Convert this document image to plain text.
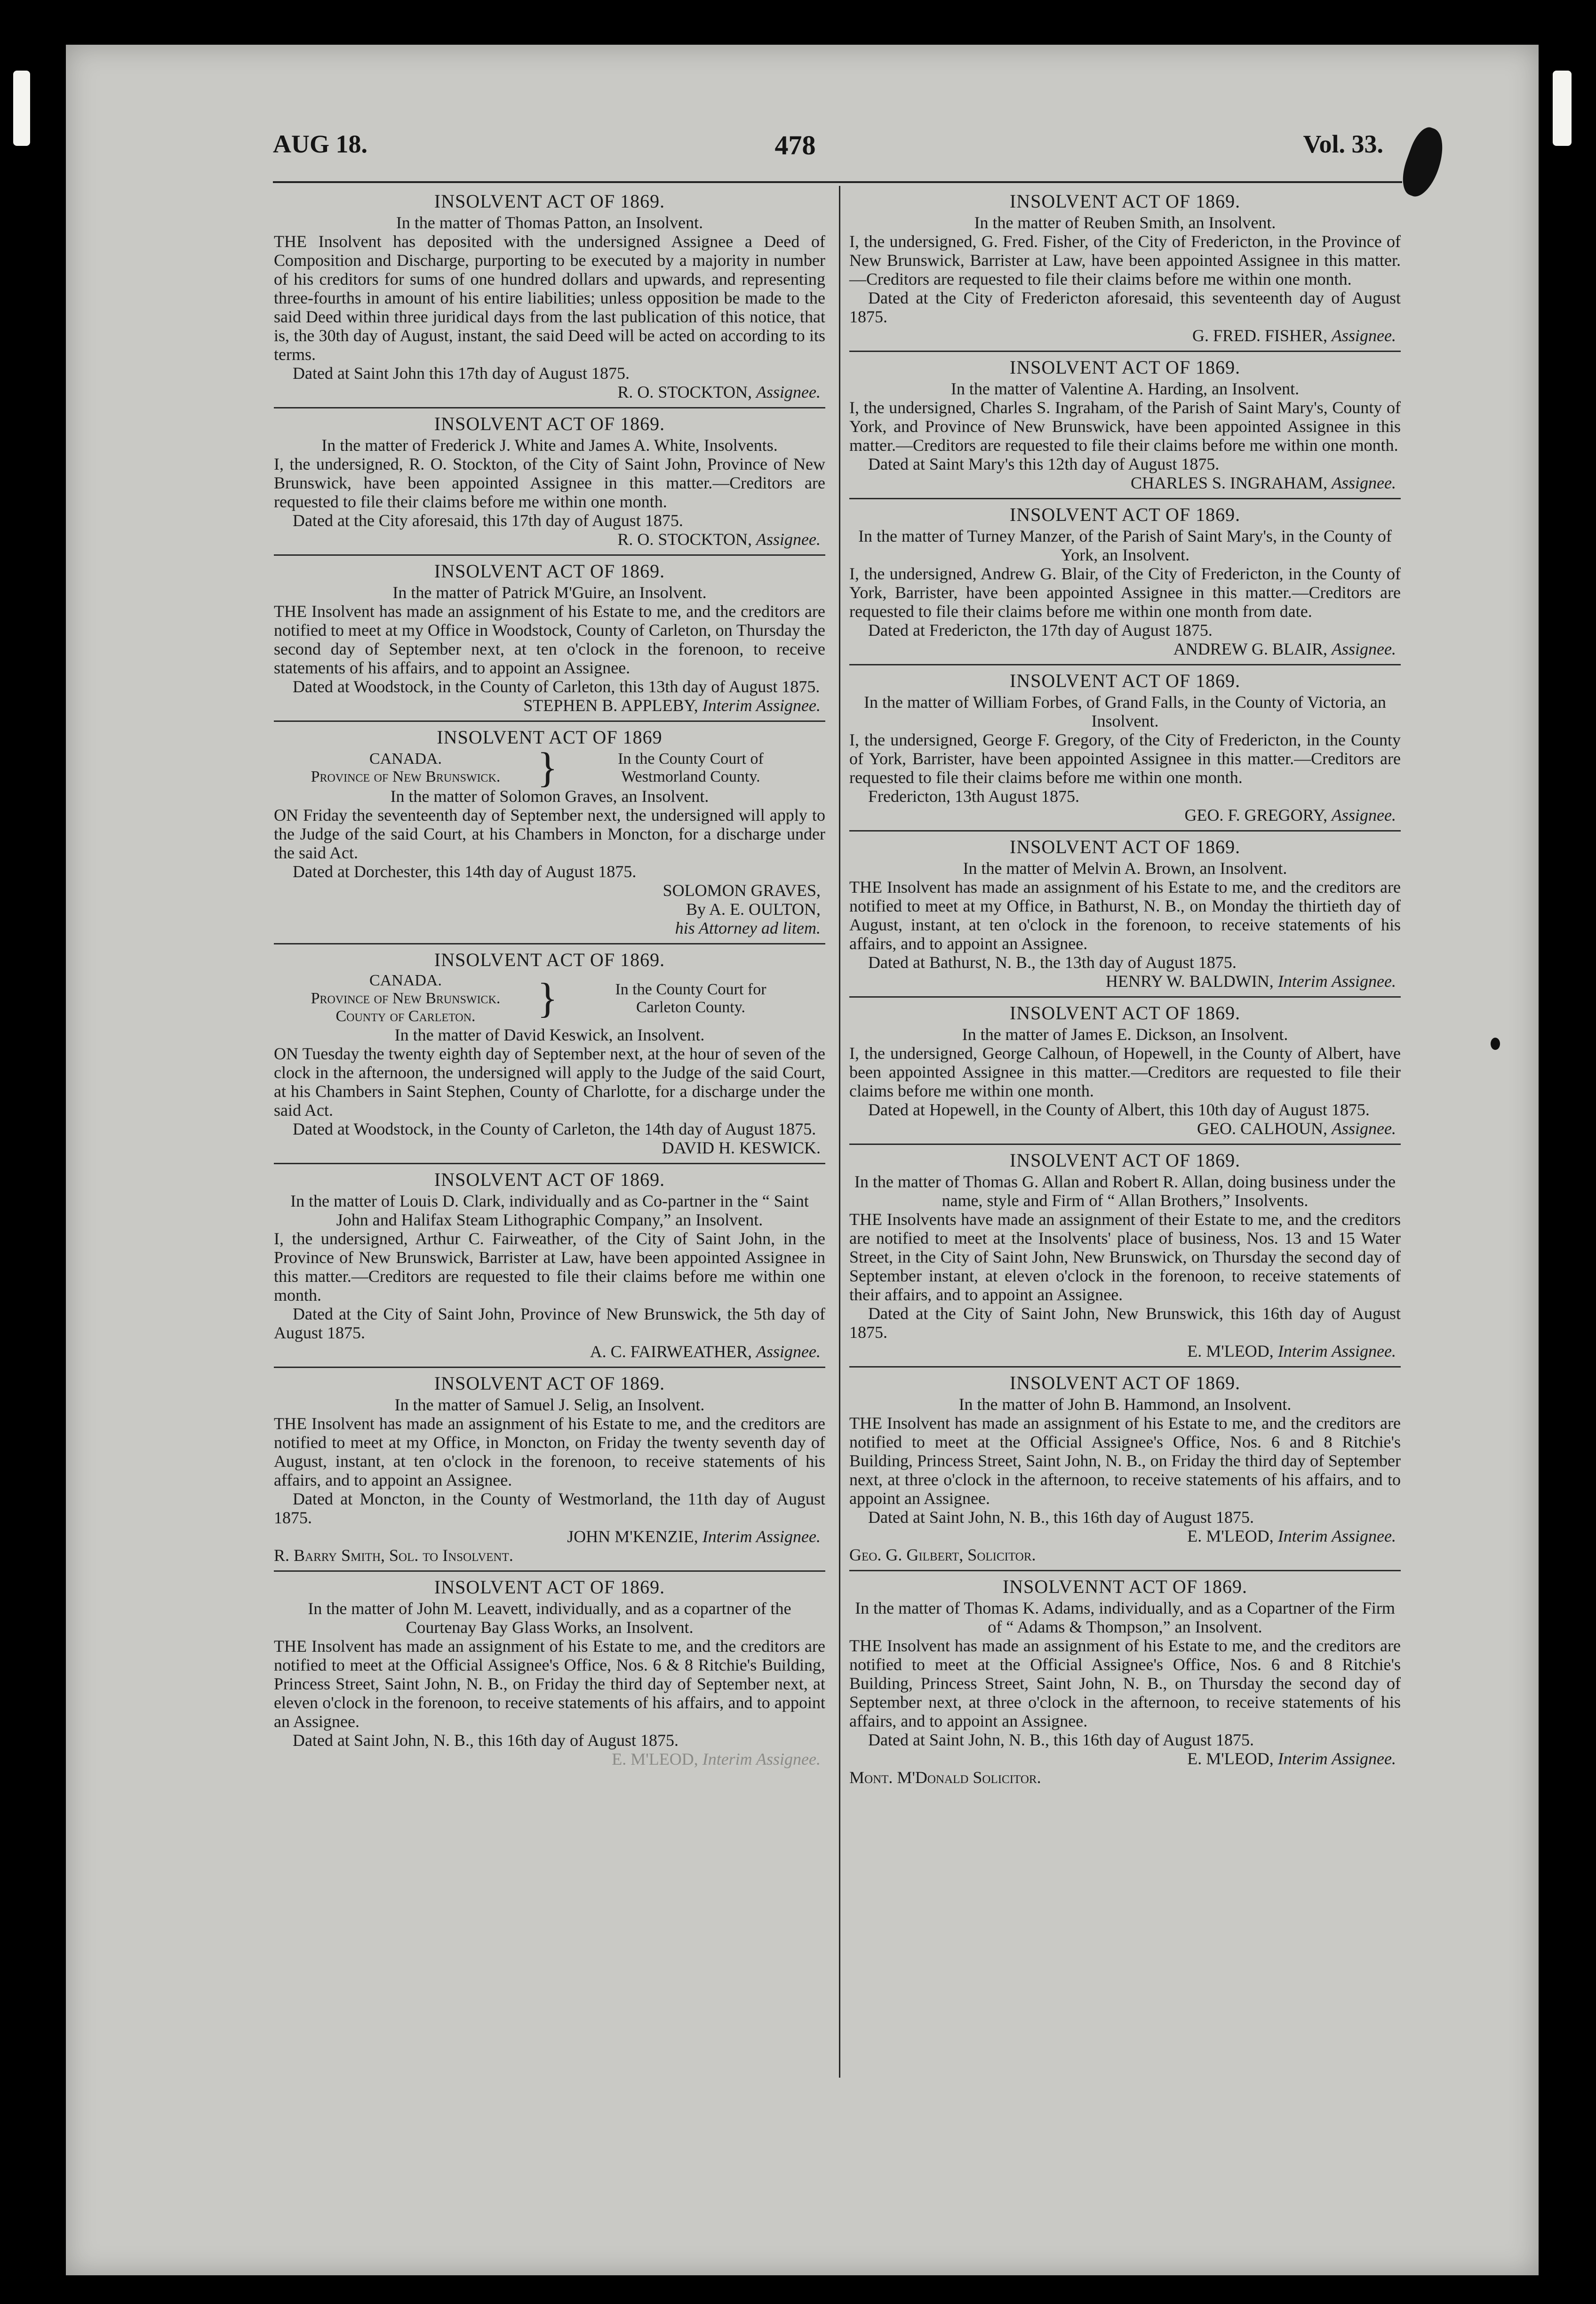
AUG 18.	478	Vol. 33.
INSOLVENT ACT OF 1869.
In the matter of Thomas Patton, an Insolvent.

THE Insolvent has deposited with the undersigned Assignee a Deed of Composition and Discharge, purporting to be executed by a majority in number of his creditors for sums of one hundred dollars and upwards, and representing three-fourths in amount of his entire liabilities; unless opposition be made to the said Deed within three juridical days from the last publication of this notice, that is, the 30th day of August, instant, the said Deed will be acted on according to its terms.

Dated at Saint John this 17th day of August 1875.

R. O. STOCKTON, Assignee.
INSOLVENT ACT OF 1869.
In the matter of Frederick J. White and James A. White, Insolvents.

I, the undersigned, R. O. Stockton, of the City of Saint John, Province of New Brunswick, have been appointed Assignee in this matter.—Creditors are requested to file their claims before me within one month.

Dated at the City aforesaid, this 17th day of August 1875.

R. O. STOCKTON, Assignee.
INSOLVENT ACT OF 1869.
In the matter of Patrick M'Guire, an Insolvent.

THE Insolvent has made an assignment of his Estate to me, and the creditors are notified to meet at my Office in Woodstock, County of Carleton, on Thursday the second day of September next, at ten o'clock in the forenoon, to receive statements of his affairs, and to appoint an Assignee.

Dated at Woodstock, in the County of Carleton, this 13th day of August 1875.

STEPHEN B. APPLEBY, Interim Assignee.
INSOLVENT ACT OF 1869
CANADA.
Province of New Brunswick. }	In the County Court of
Westmorland County.
In the matter of Solomon Graves, an Insolvent.

ON Friday the seventeenth day of September next, the undersigned will apply to the Judge of the said Court, at his Chambers in Moncton, for a discharge under the said Act.

Dated at Dorchester, this 14th day of August 1875.

SOLOMON GRAVES,
By A. E. OULTON,
his Attorney ad litem.
INSOLVENT ACT OF 1869.
CANADA.
Province of New Brunswick.
County of Carleton.	}	In the County Court for
Carleton County.
In the matter of David Keswick, an Insolvent.

ON Tuesday the twenty eighth day of September next, at the hour of seven of the clock in the afternoon, the undersigned will apply to the Judge of the said Court, at his Chambers in Saint Stephen, County of Charlotte, for a discharge under the said Act.

Dated at Woodstock, in the County of Carleton, the 14th day of August 1875.

DAVID H. KESWICK.
INSOLVENT ACT OF 1869.
In the matter of Louis D. Clark, individually and as Co-partner in the “ Saint John and Halifax Steam Lithographic Company,” an Insolvent.

I, the undersigned, Arthur C. Fairweather, of the City of Saint John, in the Province of New Brunswick, Barrister at Law, have been appointed Assignee in this matter.—Creditors are requested to file their claims before me within one month.

Dated at the City of Saint John, Province of New Brunswick, the 5th day of August 1875.

A. C. FAIRWEATHER, Assignee.
INSOLVENT ACT OF 1869.
In the matter of Samuel J. Selig, an Insolvent.

THE Insolvent has made an assignment of his Estate to me, and the creditors are notified to meet at my Office, in Moncton, on Friday the twenty seventh day of August, instant, at ten o'clock in the forenoon, to receive statements of his affairs, and to appoint an Assignee.

Dated at Moncton, in the County of Westmorland, the 11th day of August 1875.

JOHN M'KENZIE, Interim Assignee.
R. Barry Smith, Sol. to Insolvent.
INSOLVENT ACT OF 1869.
In the matter of John M. Leavett, individually, and as a copartner of the Courtenay Bay Glass Works, an Insolvent.

THE Insolvent has made an assignment of his Estate to me, and the creditors are notified to meet at the Official Assignee's Office, Nos. 6 & 8 Ritchie's Building, Princess Street, Saint John, N. B., on Friday the third day of September next, at eleven o'clock in the forenoon, to receive statements of his affairs, and to appoint an Assignee.

Dated at Saint John, N. B., this 16th day of August 1875.

E. M'LEOD, Interim Assignee.
INSOLVENT ACT OF 1869.
In the matter of Reuben Smith, an Insolvent.

I, the undersigned, G. Fred. Fisher, of the City of Fredericton, in the Province of New Brunswick, Barrister at Law, have been appointed Assignee in this matter.—Creditors are requested to file their claims before me within one month.

Dated at the City of Fredericton aforesaid, this seventeenth day of August 1875.

G. FRED. FISHER, Assignee.
INSOLVENT ACT OF 1869.
In the matter of Valentine A. Harding, an Insolvent.

I, the undersigned, Charles S. Ingraham, of the Parish of Saint Mary's, County of York, and Province of New Brunswick, have been appointed Assignee in this matter.—Creditors are requested to file their claims before me within one month.

Dated at Saint Mary's this 12th day of August 1875.

CHARLES S. INGRAHAM, Assignee.
INSOLVENT ACT OF 1869.
In the matter of Turney Manzer, of the Parish of Saint Mary's, in the County of York, an Insolvent.

I, the undersigned, Andrew G. Blair, of the City of Fredericton, in the County of York, Barrister, have been appointed Assignee in this matter.—Creditors are requested to file their claims before me within one month from date.

Dated at Fredericton, the 17th day of August 1875.

ANDREW G. BLAIR, Assignee.
INSOLVENT ACT OF 1869.
In the matter of William Forbes, of Grand Falls, in the County of Victoria, an Insolvent.

I, the undersigned, George F. Gregory, of the City of Fredericton, in the County of York, Barrister, have been appointed Assignee in this matter.—Creditors are requested to file their claims before me within one month.

Fredericton, 13th August 1875.

GEO. F. GREGORY, Assignee.
INSOLVENT ACT OF 1869.
In the matter of Melvin A. Brown, an Insolvent.

THE Insolvent has made an assignment of his Estate to me, and the creditors are notified to meet at my Office, in Bathurst, N. B., on Monday the thirtieth day of August, instant, at ten o'clock in the forenoon, to receive statements of his affairs, and to appoint an Assignee.

Dated at Bathurst, N. B., the 13th day of August 1875.

HENRY W. BALDWIN, Interim Assignee.
INSOLVENT ACT OF 1869.
In the matter of James E. Dickson, an Insolvent.

I, the undersigned, George Calhoun, of Hopewell, in the County of Albert, have been appointed Assignee in this matter.—Creditors are requested to file their claims before me within one month.

Dated at Hopewell, in the County of Albert, this 10th day of August 1875.

GEO. CALHOUN, Assignee.
INSOLVENT ACT OF 1869.
In the matter of Thomas G. Allan and Robert R. Allan, doing business under the name, style and Firm of “ Allan Brothers,” Insolvents.

THE Insolvents have made an assignment of their Estate to me, and the creditors are notified to meet at the Insolvents' place of business, Nos. 13 and 15 Water Street, in the City of Saint John, New Brunswick, on Thursday the second day of September instant, at eleven o'clock in the forenoon, to receive statements of their affairs, and to appoint an Assignee.

Dated at the City of Saint John, New Brunswick, this 16th day of August 1875.

E. M'LEOD, Interim Assignee.
INSOLVENT ACT OF 1869.
In the matter of John B. Hammond, an Insolvent.

THE Insolvent has made an assignment of his Estate to me, and the creditors are notified to meet at the Official Assignee's Office, Nos. 6 and 8 Ritchie's Building, Princess Street, Saint John, N. B., on Friday the third day of September next, at three o'clock in the afternoon, to receive statements of his affairs, and to appoint an Assignee.

Dated at Saint John, N. B., this 16th day of August 1875.

E. M'LEOD, Interim Assignee.
Geo. G. Gilbert, Solicitor.
INSOLVENNT ACT OF 1869.
In the matter of Thomas K. Adams, individually, and as a Copartner of the Firm of “ Adams & Thompson,” an Insolvent.

THE Insolvent has made an assignment of his Estate to me, and the creditors are notified to meet at the Official Assignee's Office, Nos. 6 and 8 Ritchie's Building, Princess Street, Saint John, N. B., on Thursday the second day of September next, at three o'clock in the afternoon, to receive statements of his affairs, and to appoint an Assignee.

Dated at Saint John, N. B., this 16th day of August 1875.

E. M'LEOD, Interim Assignee.
Mont. M'Donald Solicitor.
